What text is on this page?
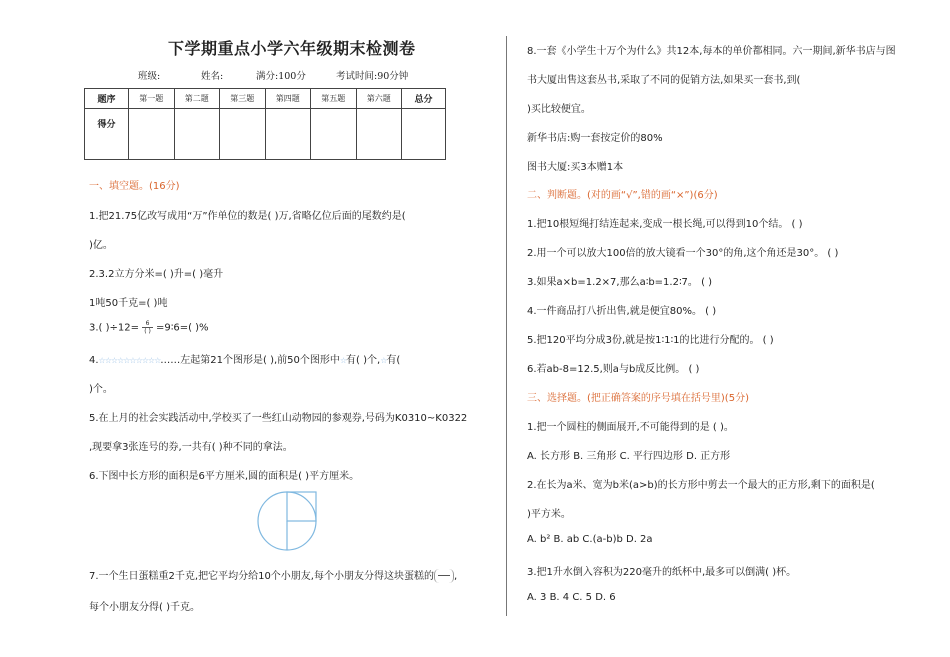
下学期重点小学六年级期末检测卷
班级:	姓名:	满分:100分	考试时间:90分钟
题序	第一题	第二题	第三题	第四题	第五题	第六题	总分
得分							
一、填空题。(16分)
1.把21.75亿改写成用“万”作单位的数是( )万,省略亿位后面的尾数约是(
)亿。
2.3.2立方分米=( )升=( )毫升
1吨50千克=( )吨
3.( )$\div 12= \frac{6}{( )}$ =9∶6=( )%
4.☆☆☆☆☆☆☆☆☆☆……左起第21个图形是( ),前50个图形中☆有( )个,☆有(
)个。
5.在上月的社会实践活动中,学校买了一些红山动物园的参观券,号码为K0310~K0322
,现要拿3张连号的券,一共有( )种不同的拿法。
6.下图中长方形的面积是6平方厘米,圆的面积是( )平方厘米。
7.一个生日蛋糕重2千克,把它平均分给10个小朋友,每个小朋友分得这块蛋糕的 ,
每个小朋友分得( )千克。
8.一套《小学生十万个为什么》共12本,每本的单价都相同。六一期间,新华书店与图
书大厦出售这套丛书,采取了不同的促销方法,如果买一套书,到(
)买比较便宜。
新华书店:购一套按定价的80%
图书大厦:买3本赠1本
二、判断题。(对的画“√”,错的画“×”)(6分)
1.把10根短绳打结连起来,变成一根长绳,可以得到10个结。 ( )
2.用一个可以放大100倍的放大镜看一个30°的角,这个角还是30°。 ( )
3.如果a×b=1.2×7,那么a∶b=1.2∶7。 ( )
4.一件商品打八折出售,就是便宜80%。 ( )
5.把120平均分成3份,就是按1∶1∶1的比进行分配的。 ( )
6.若ab-8=12.5,则a与b成反比例。 ( )
三、选择题。(把正确答案的序号填在括号里)(5分)
1.把一个圆柱的侧面展开,不可能得到的是 ( )。
A. 长方形 B. 三角形 C. 平行四边形 D. 正方形
2.在长为a米、宽为b米(a>b)的长方形中剪去一个最大的正方形,剩下的面积是(
)平方米。
A. b² B. ab C.(a-b)b D. 2a
3.把1升水倒入容积为220毫升的纸杯中,最多可以倒满( )杯。
A. 3 B. 4 C. 5 D. 6
